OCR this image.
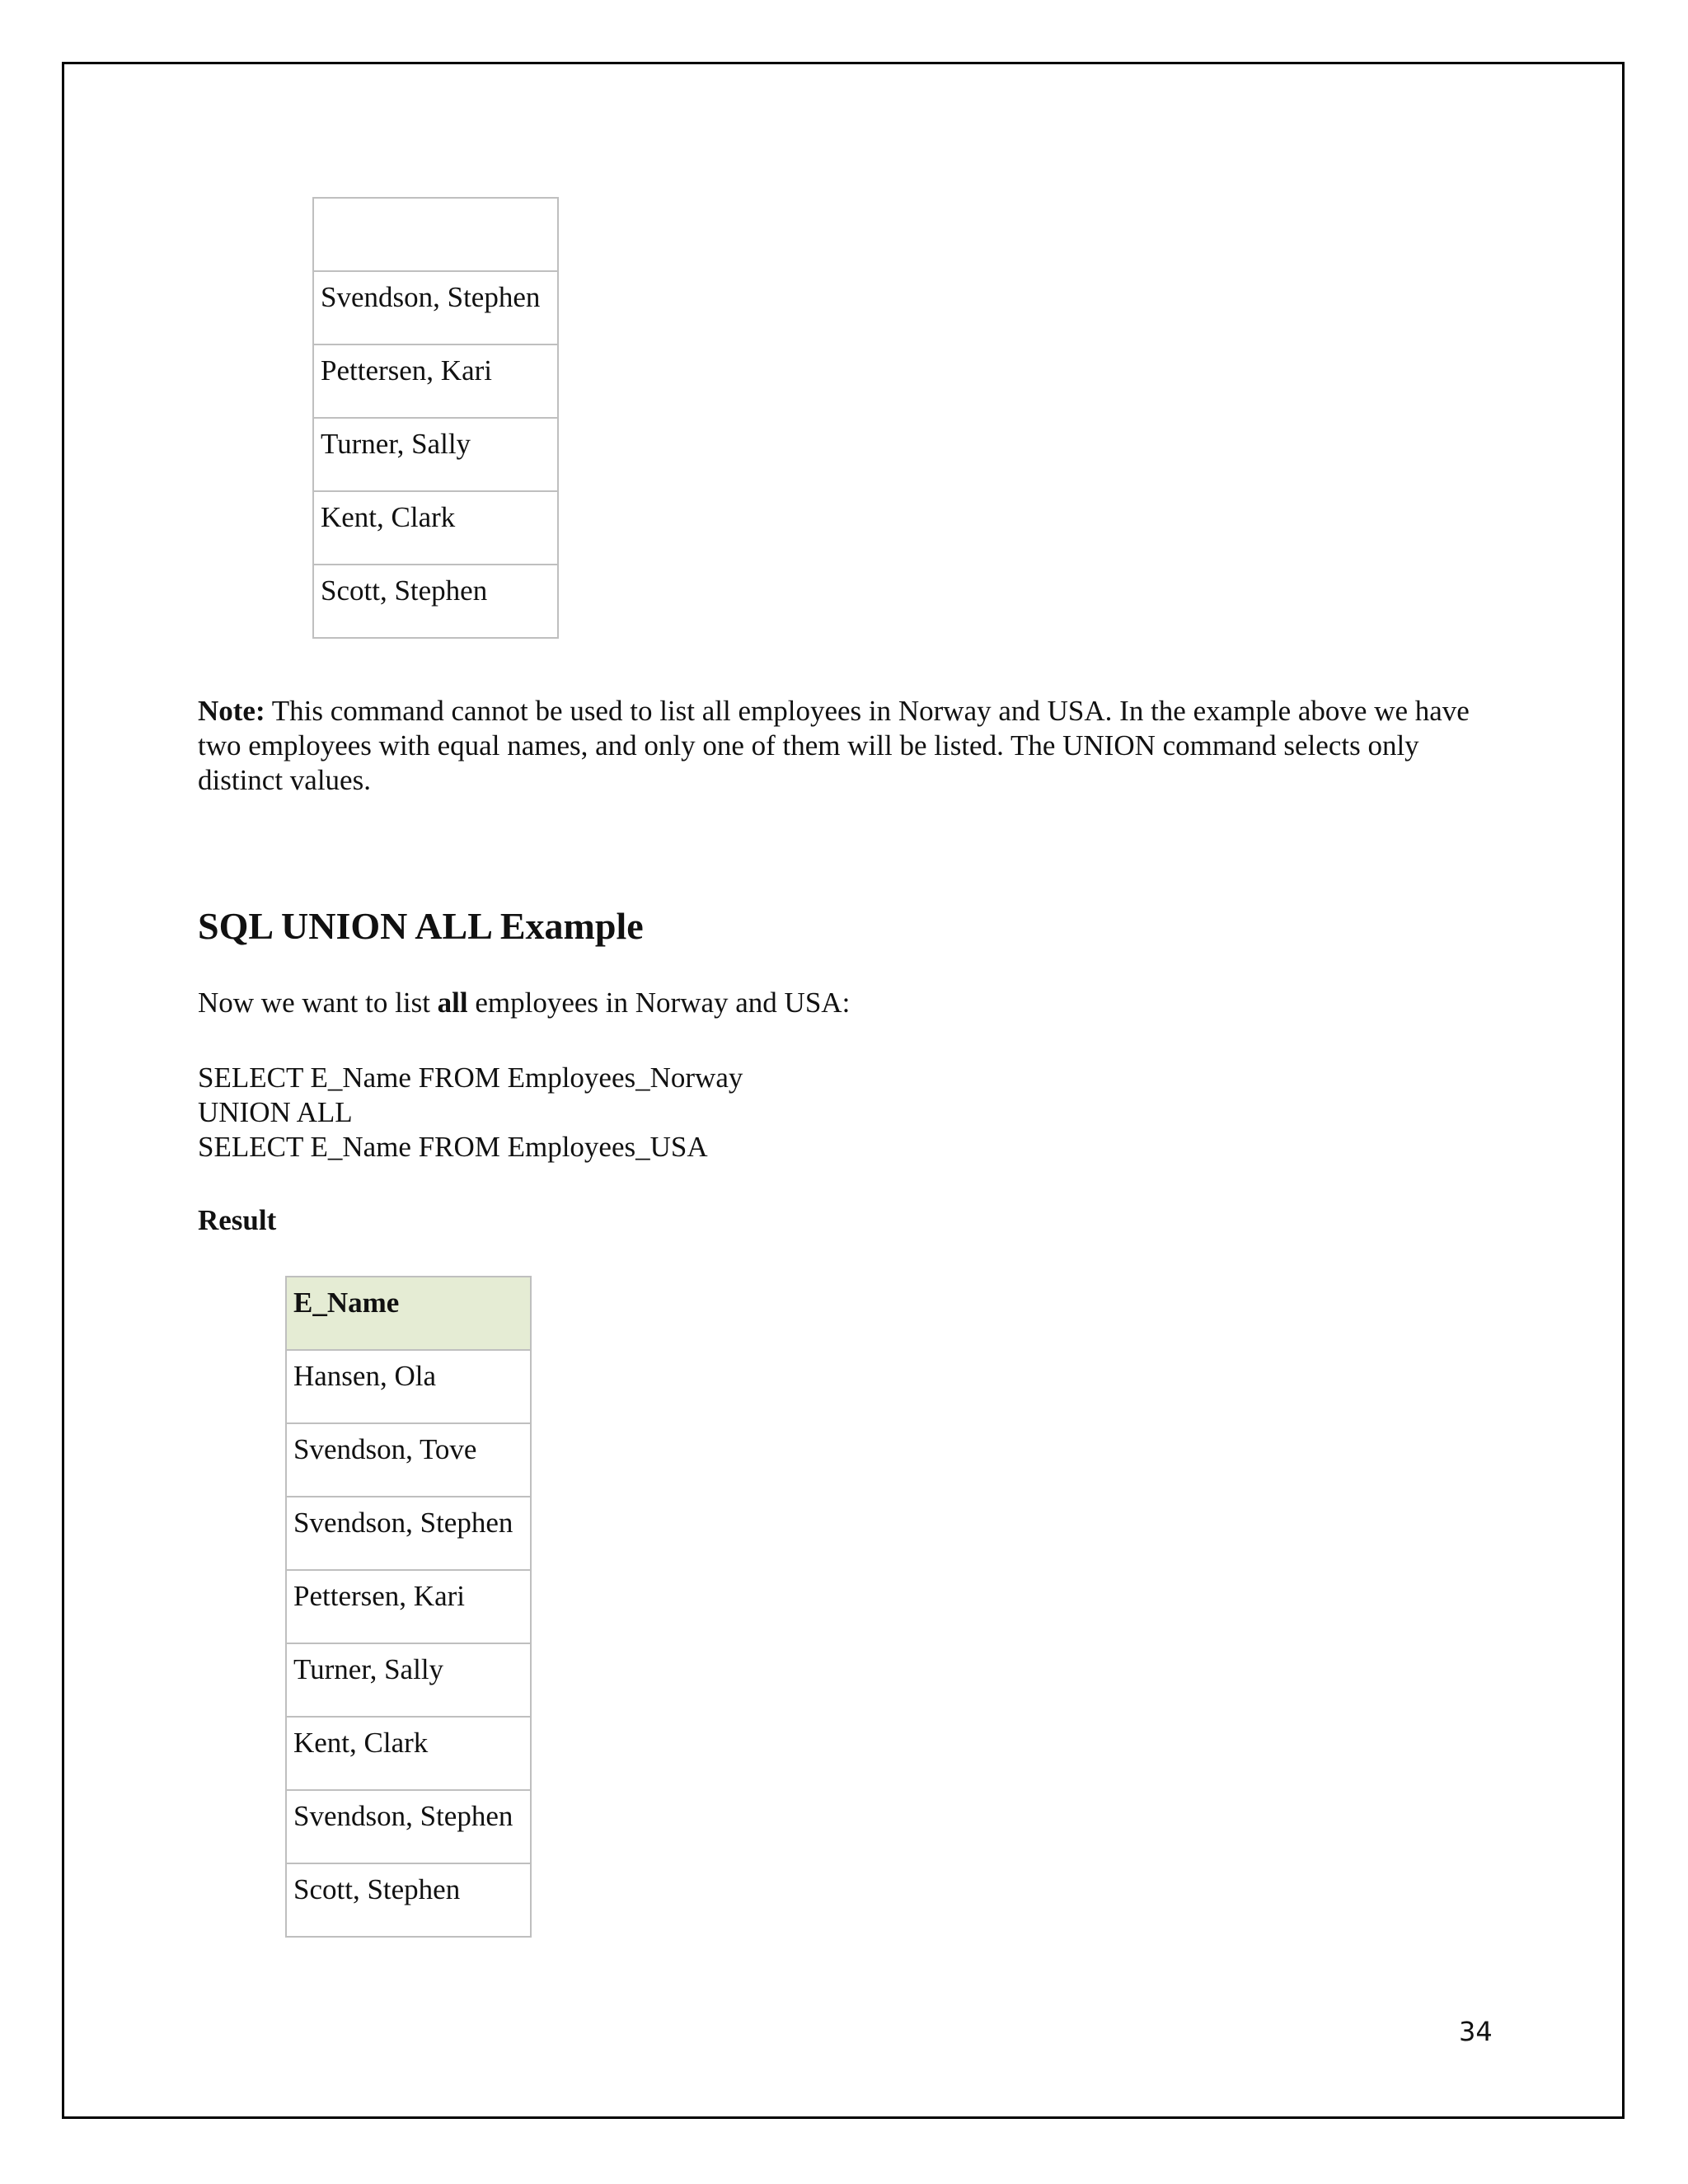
Svendson, Stephen

Pettersen, Kari

Turner, Sally

Kent, Clark

Scott, Stephen
Note: This command cannot be used to list all employees in Norway and USA. In the example above we have two employees with equal names, and only one of them will be listed. The UNION command selects only distinct values.
SQL UNION ALL Example
Now we want to list all employees in Norway and USA:
SELECT E_Name FROM Employees_Norway
UNION ALL
SELECT E_Name FROM Employees_USA
Result
E_Name

Hansen, Ola

Svendson, Tove

Svendson, Stephen

Pettersen, Kari

Turner, Sally

Kent, Clark

Svendson, Stephen

Scott, Stephen
34
